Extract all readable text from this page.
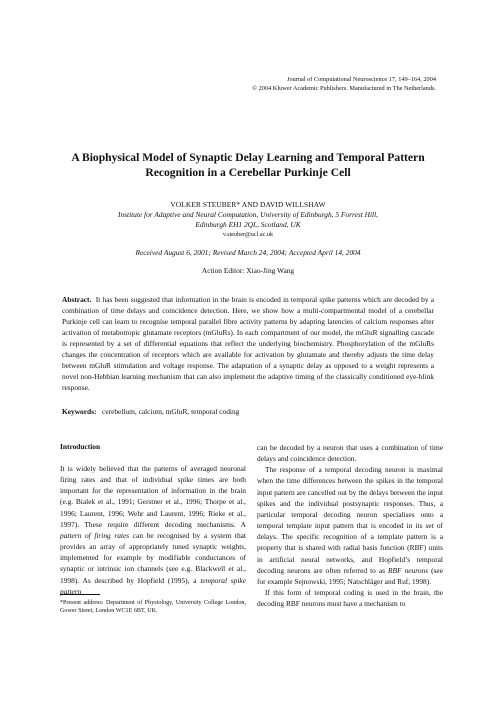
Journal of Computational Neuroscience 17, 149–164, 2004
© 2004 Kluwer Academic Publishers. Manufactured in The Netherlands.
A Biophysical Model of Synaptic Delay Learning and Temporal Pattern
Recognition in a Cerebellar Purkinje Cell
VOLKER STEUBER* AND DAVID WILLSHAW
Institute for Adaptive and Neural Computation, University of Edinburgh, 5 Forrest Hill,
Edinburgh EH1 2QL, Scotland, UK
v.steuber@ucl.ac.uk
Received August 6, 2001; Revised March 24, 2004; Accepted April 14, 2004
Action Editor: Xiao-Jing Wang
Abstract. It has been suggested that information in the brain is encoded in temporal spike patterns which are decoded by a combination of time delays and coincidence detection. Here, we show how a multi-compartmental model of a cerebellar Purkinje cell can learn to recognise temporal parallel fibre activity patterns by adapting latencies of calcium responses after activation of metabotropic glutamate receptors (mGluRs). In each compartment of our model, the mGluR signalling cascade is represented by a set of differential equations that reflect the underlying biochemistry. Phosphorylation of the mGluRs changes the concentration of receptors which are available for activation by glutamate and thereby adjusts the time delay between mGluR stimulation and voltage response. The adaptation of a synaptic delay as opposed to a weight represents a novel non-Hebbian learning mechanism that can also implement the adaptive timing of the classically conditioned eye-blink response.
Keywords: cerebellum, calcium, mGluR, temporal coding
Introduction

It is widely believed that the patterns of averaged neuronal firing rates and that of individual spike times are both important for the representation of information in the brain (e.g. Bialek et al., 1991; Gerstner et al., 1996; Thorpe et al., 1996; Laurent, 1996; Wehr and Laurent, 1996; Rieke et al., 1997). These require different decoding mechanisms. A pattern of firing rates can be recognised by a system that provides an array of appropriately tuned synaptic weights, implemented for example by modifiable conductances of synaptic or intrinsic ion channels (see e.g. Blackwell et al., 1998). As described by Hopfield (1995), a temporal spike pattern

*Present address: Department of Physiology, University College London, Gower Street, London WC1E 6BT, UK.

can be decoded by a neuron that uses a combination of time delays and coincidence detection.

The response of a temporal decoding neuron is maximal when the time differences between the spikes in the temporal input pattern are cancelled out by the delays between the input spikes and the individual postsynaptic responses. Thus, a particular temporal decoding neuron specialises onto a temporal template input pattern that is encoded in its set of delays. The specific recognition of a template pattern is a property that is shared with radial basis function (RBF) units in artificial neural networks, and Hopfield’s temporal decoding neurons are often referred to as RBF neurons (see for example Sejnowski, 1995; Natschläger and Ruf, 1998).

If this form of temporal coding is used in the brain, the decoding RBF neurons must have a mechanism to
